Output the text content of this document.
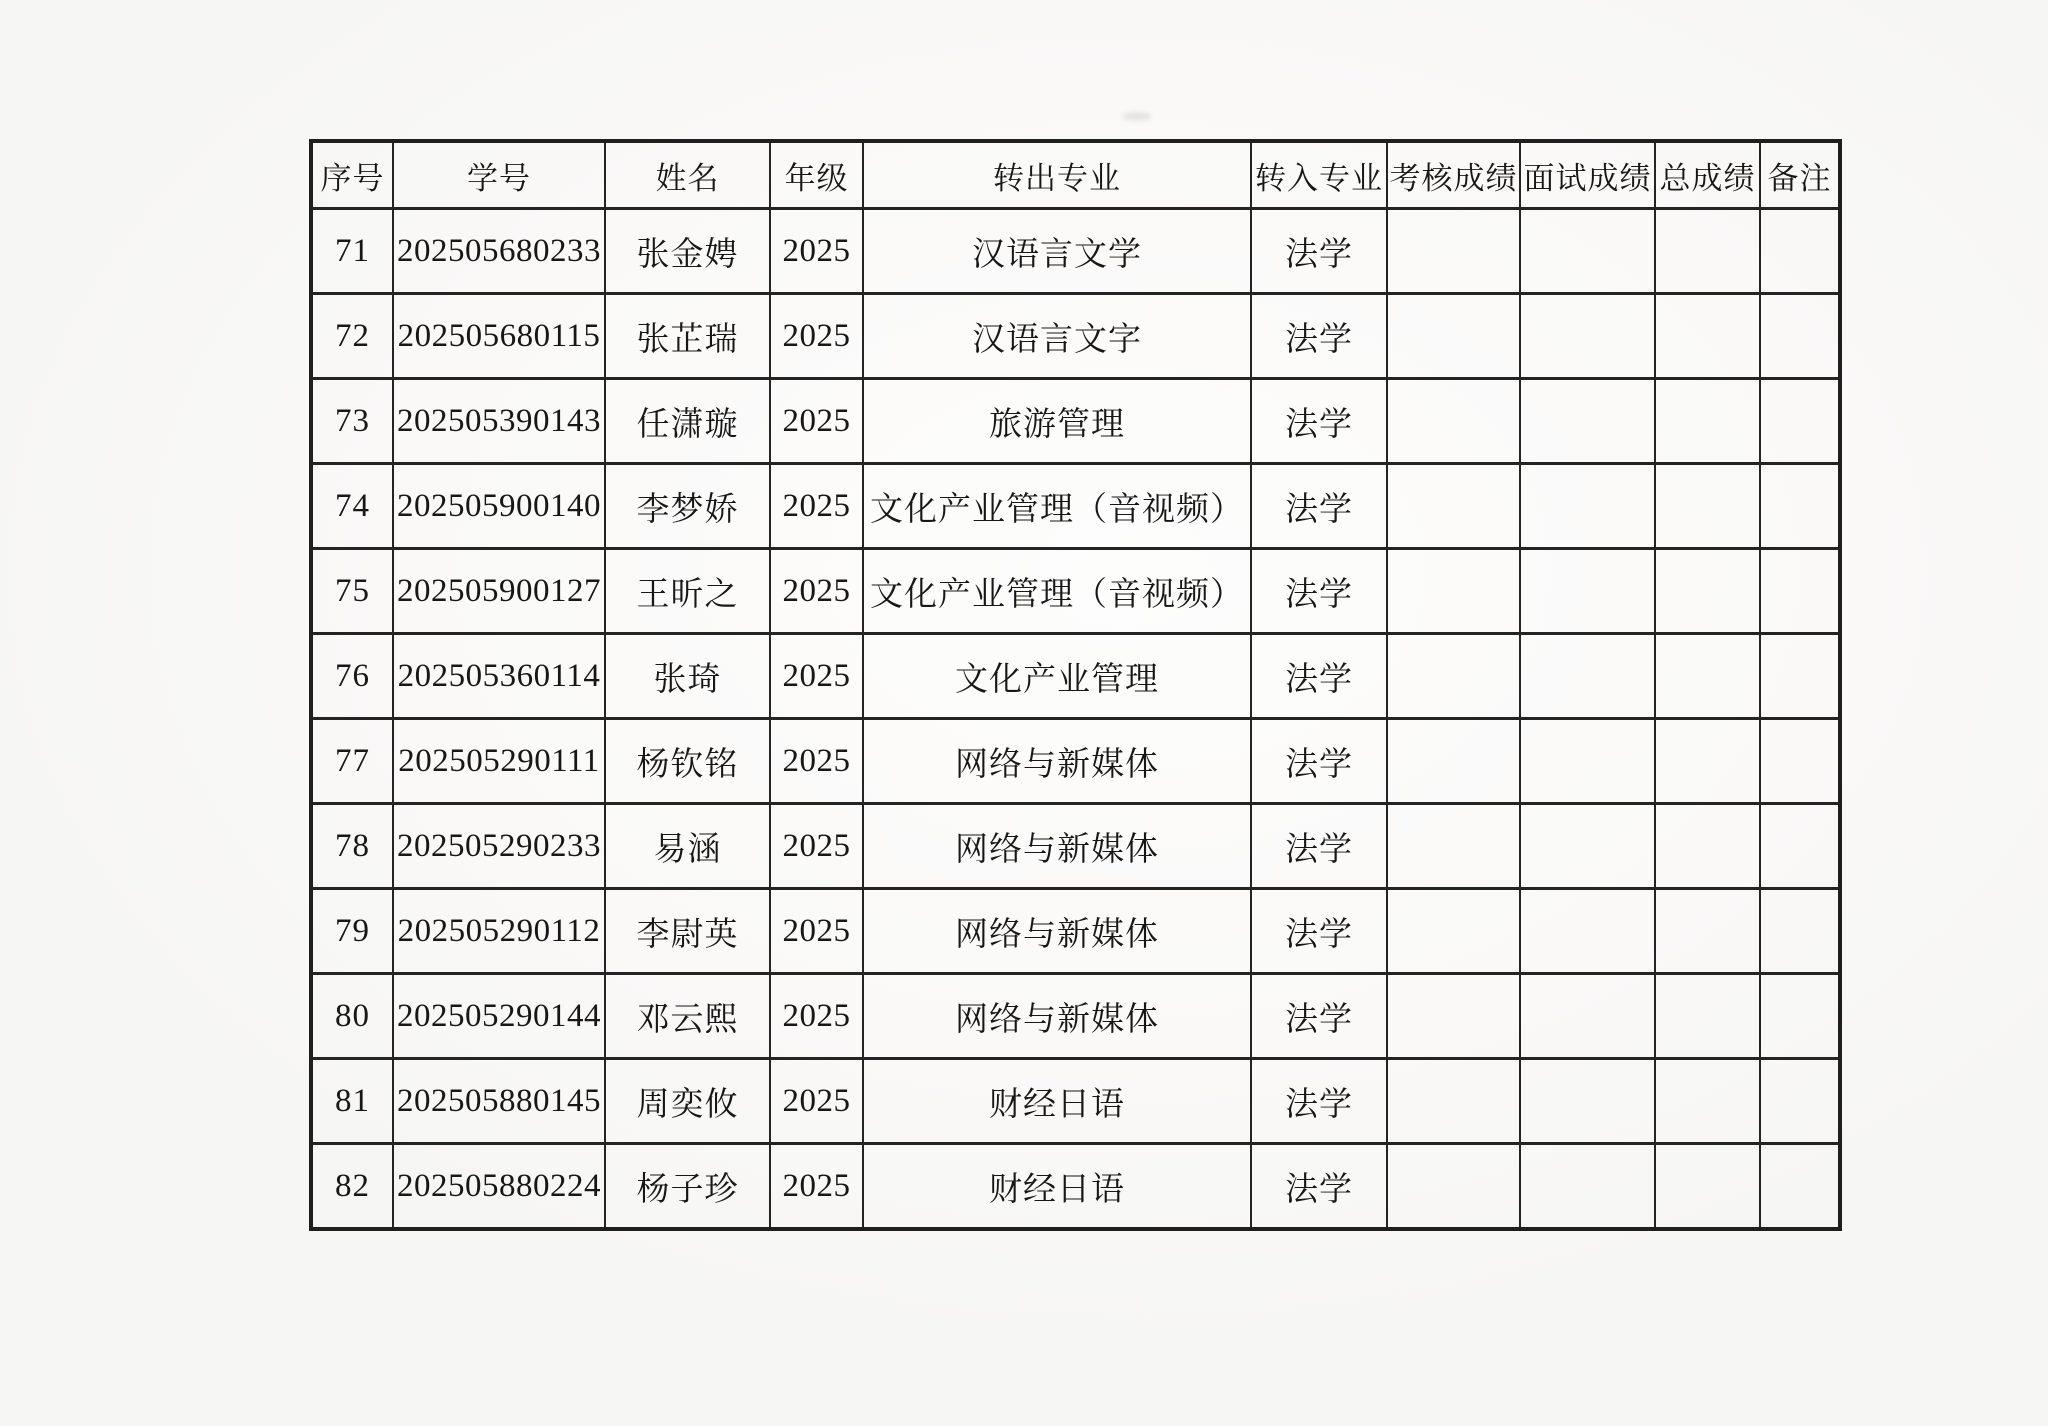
序号	学号	姓名	年级	转出专业	转入专业	考核成绩	面试成绩	总成绩	备注
71	202505680233	张金娉	2025	汉语言文学	法学				
72	202505680115	张芷瑞	2025	汉语言文字	法学				
73	202505390143	任潇璇	2025	旅游管理	法学				
74	202505900140	李梦娇	2025	文化产业管理（音视频）	法学				
75	202505900127	王昕之	2025	文化产业管理（音视频）	法学				
76	202505360114	张琦	2025	文化产业管理	法学				
77	202505290111	杨钦铭	2025	网络与新媒体	法学				
78	202505290233	易涵	2025	网络与新媒体	法学				
79	202505290112	李尉英	2025	网络与新媒体	法学				
80	202505290144	邓云熙	2025	网络与新媒体	法学				
81	202505880145	周奕攸	2025	财经日语	法学				
82	202505880224	杨子珍	2025	财经日语	法学				
